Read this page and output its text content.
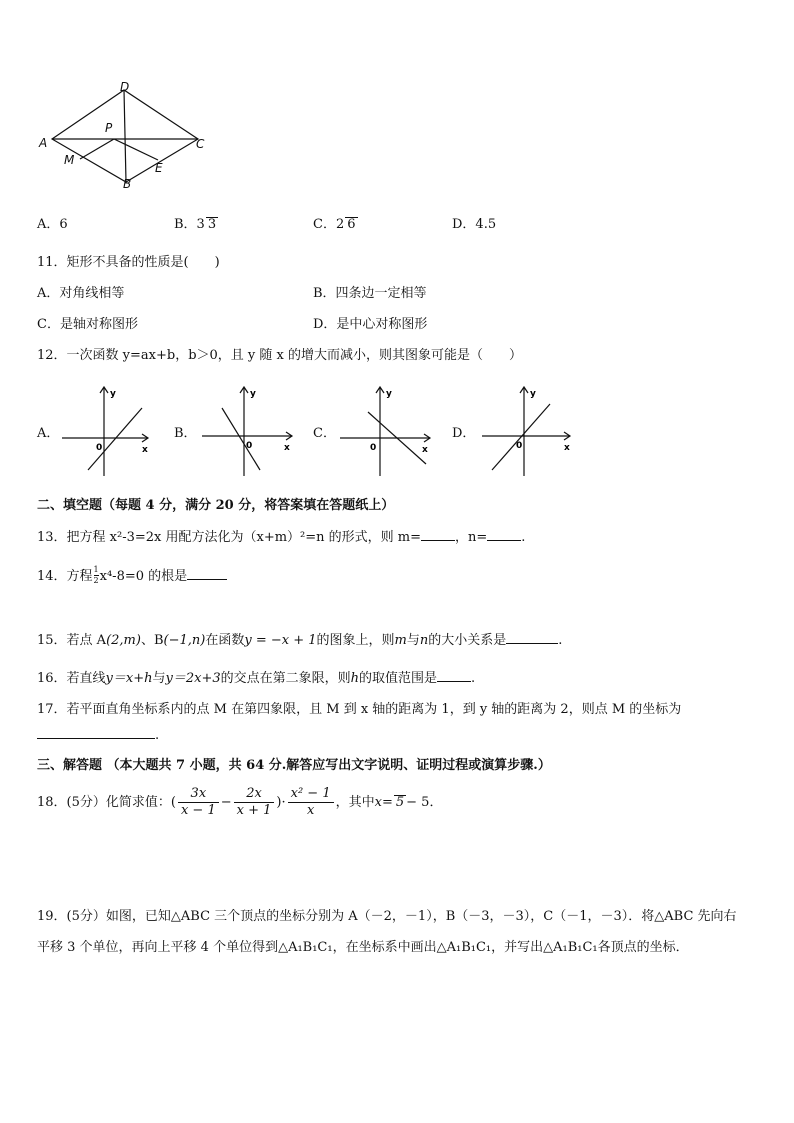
D
A	C
B
P
M
E
A．6	B．3 3	C．2 6	D．4.5
11．矩形不具备的性质是(　　)
A．对角线相等	B．四条边一定相等
C．是轴对称图形	D．是中心对称图形
12．一次函数 y=ax+b，b＞0，且 y 随 x 的增大而减小，则其图象可能是（　　）
A．
y
0	x
B．
y
0	x
C．
y
0	x
D．
y
0	x
二、填空题（每题 4 分，满分 20 分，将答案填在答题纸上）
13．把方程 x²-3=2x 用配方法化为（x+m）²=n 的形式，则 m=	，n=	.
14．方程 $\frac{1}{2} x^4-8=0$ 的根是
15．若点 A(2,m)、B(−1,n)在函数y = −x + 1的图象上，则m与n的大小关系是	.
16．若直线y＝x+h与y＝2x+3的交点在第二象限，则h的取值范围是	.
17．若平面直角坐标系内的点 M 在第四象限，且 M 到 x 轴的距离为 1，到 y 轴的距离为 2，则点 M 的坐标为
.
三、解答题 （本大题共 7 小题，共 64 分.解答应写出文字说明、证明过程或演算步骤.）
18．(5分）化简求值：( $\frac{3x}{x - 1} - \frac{2x}{x + 1}$ )· $\frac{\text{x² − 1}}{x}$ ，其中x= 5 − 5．
19．(5分）如图，已知△ABC 三个顶点的坐标分别为 A（－2，－1），B（－3，－3），C（－1，－3）．将△ABC 先向右
平移 3 个单位，再向上平移 4 个单位得到△A₁B₁C₁，在坐标系中画出△A₁B₁C₁，并写出△A₁B₁C₁各顶点的坐标．
